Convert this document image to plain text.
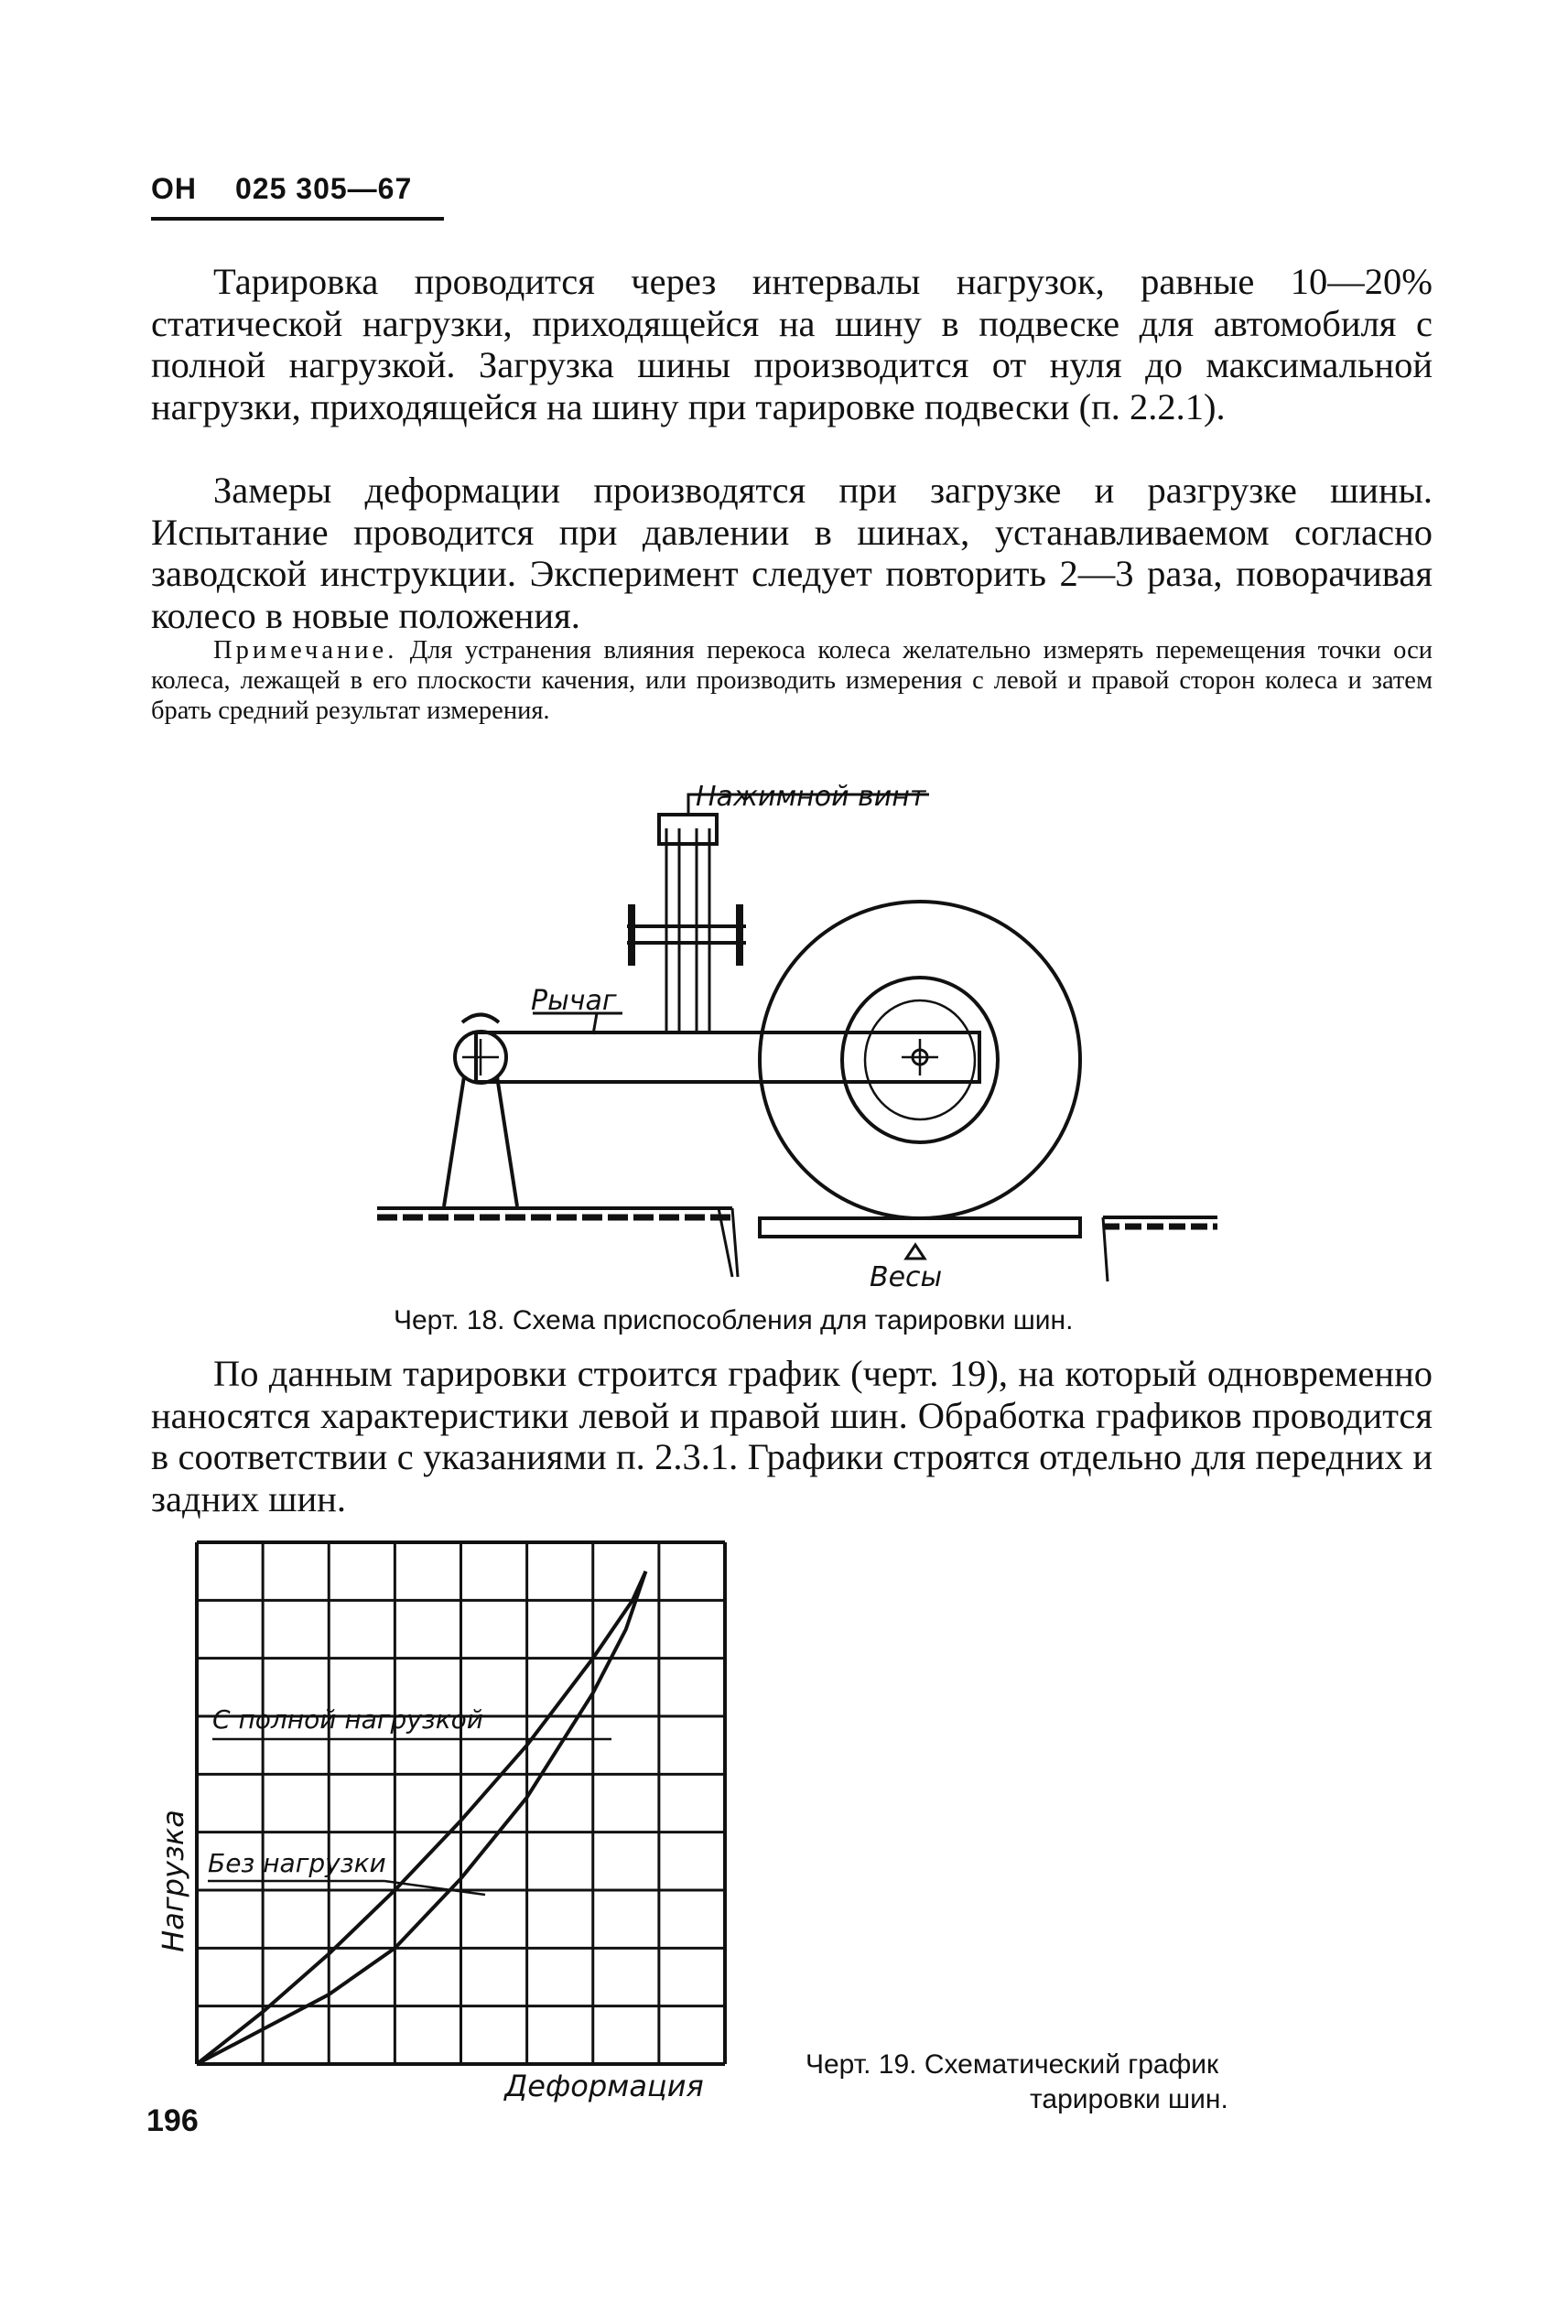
ОН 025 305—67

Тарировка проводится через интервалы нагрузок, равные 10—20% статической нагрузки, приходящейся на шину в подвеске для автомобиля с полной нагрузкой. Загрузка шины производится от нуля до максимальной нагрузки, приходящейся на шину при тарировке подвески (п. 2.2.1).

Замеры деформации производятся при загрузке и разгрузке шины. Испытание проводится при давлении в шинах, устанавливаемом согласно заводской инструкции. Эксперимент следует повторить 2—3 раза, поворачивая колесо в новые положения.

Примечание. Для устранения влияния перекоса колеса желательно измерять перемещения точки оси колеса, лежащей в его плоскости качения, или производить измерения с левой и правой сторон колеса и затем брать средний результат измерения.

Нажимной винт
Рычаг
Весы
Черт. 18. Схема приспособления для тарировки шин.

По данным тарировки строится график (черт. 19), на который одновременно наносятся характеристики левой и правой шин. Обработка графиков проводится в соответствии с указаниями п. 2.3.1. Графики строятся отдельно для передних и задних шин.

Нагрузка
Деформация
С полной нагрузкой
Без нагрузки
Черт. 19. Схематический график
тарировки шин.
196
